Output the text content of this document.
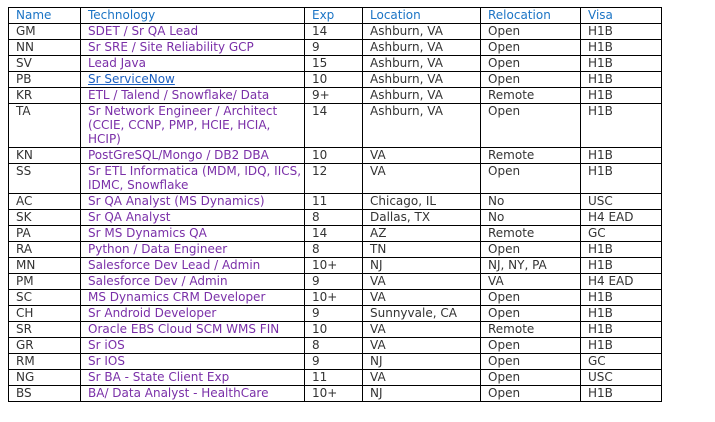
Name	Technology	Exp	Location	Relocation	Visa
GM	SDET / Sr QA Lead	14	Ashburn, VA	Open	H1B
NN	Sr SRE / Site Reliability GCP	9	Ashburn, VA	Open	H1B
SV	Lead Java	15	Ashburn, VA	Open	H1B
PB	Sr ServiceNow	10	Ashburn, VA	Open	H1B
KR	ETL / Talend / Snowflake/ Data	9+	Ashburn, VA	Remote	H1B
TA	Sr Network Engineer / Architect (CCIE, CCNP, PMP, HCIE, HCIA, HCIP)	14	Ashburn, VA	Open	H1B
KN	PostGreSQL/Mongo / DB2 DBA	10	VA	Remote	H1B
SS	Sr ETL Informatica (MDM, IDQ, IICS, IDMC, Snowflake	12	VA	Open	H1B
AC	Sr QA Analyst (MS Dynamics)	11	Chicago, IL	No	USC
SK	Sr QA Analyst	8	Dallas, TX	No	H4 EAD
PA	Sr MS Dynamics QA	14	AZ	Remote	GC
RA	Python / Data Engineer	8	TN	Open	H1B
MN	Salesforce Dev Lead / Admin	10+	NJ	NJ, NY, PA	H1B
PM	Salesforce Dev / Admin	9	VA	VA	H4 EAD
SC	MS Dynamics CRM Developer	10+	VA	Open	H1B
CH	Sr Android Developer	9	Sunnyvale, CA	Open	H1B
SR	Oracle EBS Cloud SCM WMS FIN	10	VA	Remote	H1B
GR	Sr iOS	8	VA	Open	H1B
RM	Sr IOS	9	NJ	Open	GC
NG	Sr BA - State Client Exp	11	VA	Open	USC
BS	BA/ Data Analyst - HealthCare	10+	NJ	Open	H1B
